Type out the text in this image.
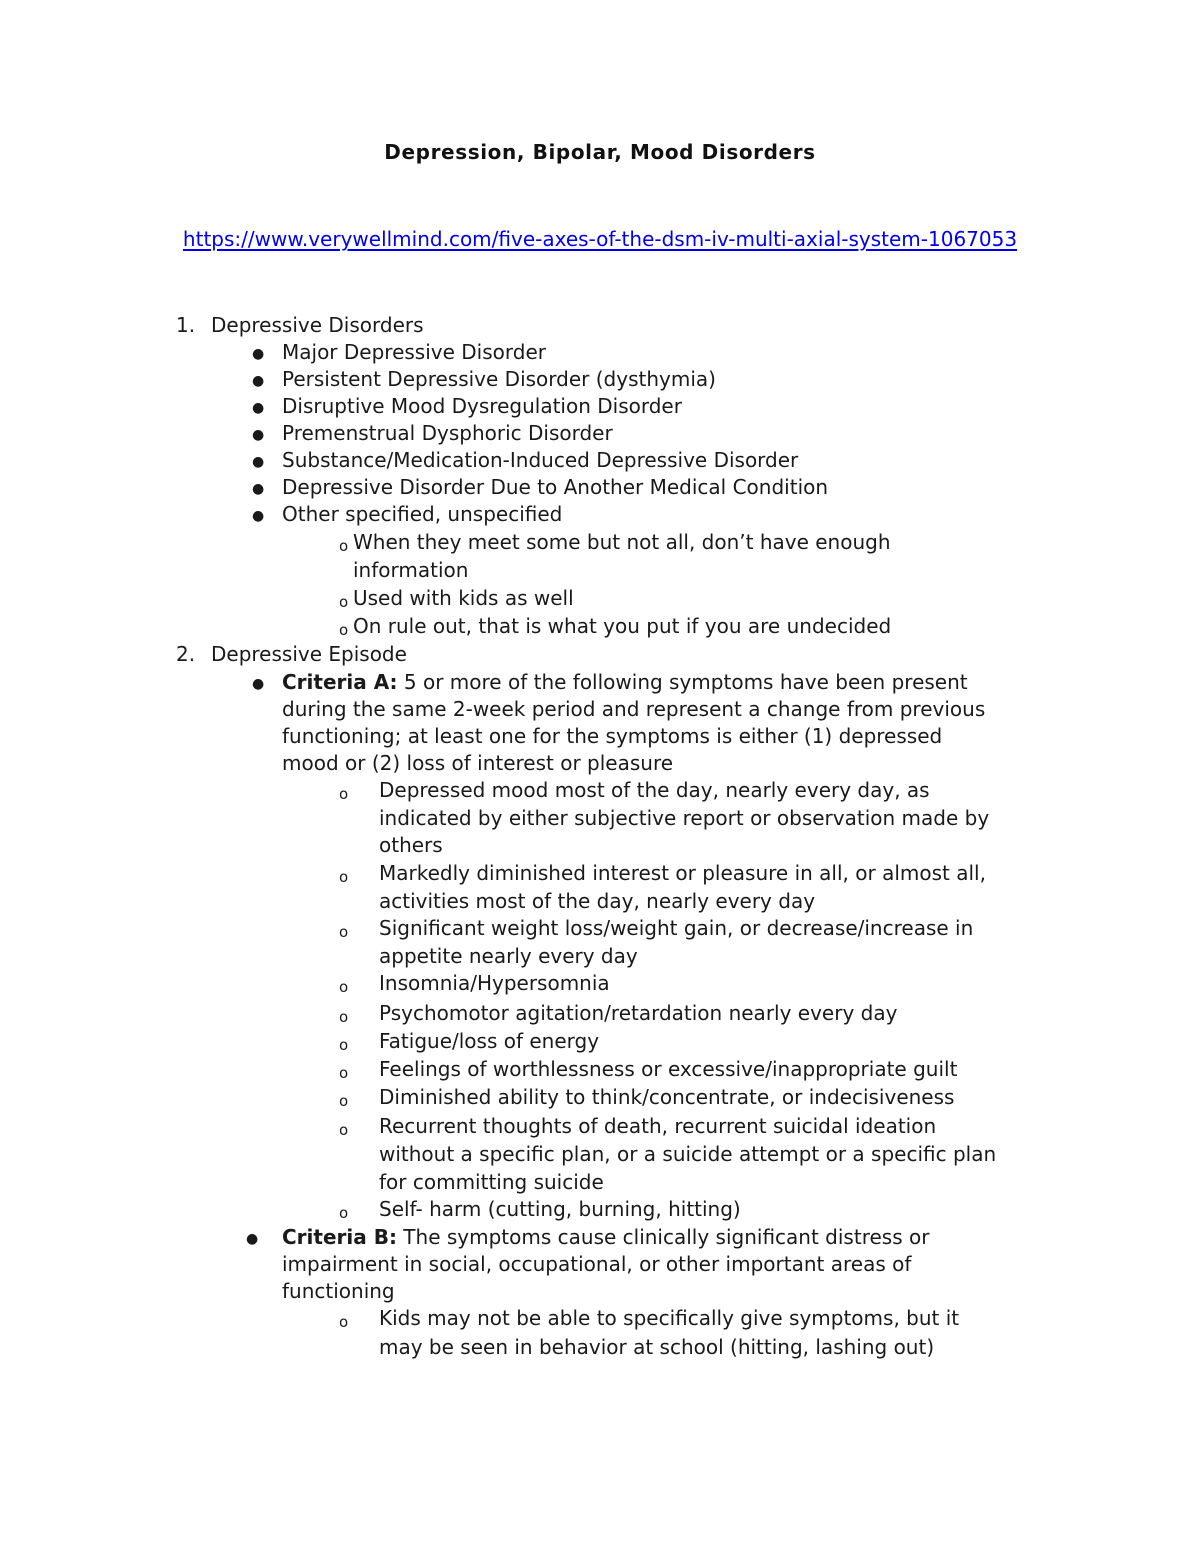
Depression, Bipolar, Mood Disorders
https://www.verywellmind.com/five-axes-of-the-dsm-iv-multi-axial-system-1067053
1. Depressive Disorders
● Major Depressive Disorder
● Persistent Depressive Disorder (dysthymia)
● Disruptive Mood Dysregulation Disorder
● Premenstrual Dysphoric Disorder
● Substance/Medication-Induced Depressive Disorder
● Depressive Disorder Due to Another Medical Condition
● Other specified, unspecified
o When they meet some but not all, don’t have enough
information
o Used with kids as well
o On rule out, that is what you put if you are undecided
2. Depressive Episode
● Criteria A: 5 or more of the following symptoms have been present
during the same 2-week period and represent a change from previous
functioning; at least one for the symptoms is either (1) depressed
mood or (2) loss of interest or pleasure
o Depressed mood most of the day, nearly every day, as
indicated by either subjective report or observation made by
others
o Markedly diminished interest or pleasure in all, or almost all,
activities most of the day, nearly every day
o Significant weight loss/weight gain, or decrease/increase in
appetite nearly every day
o Insomnia/Hypersomnia
o Psychomotor agitation/retardation nearly every day
o Fatigue/loss of energy
o Feelings of worthlessness or excessive/inappropriate guilt
o Diminished ability to think/concentrate, or indecisiveness
o Recurrent thoughts of death, recurrent suicidal ideation
without a specific plan, or a suicide attempt or a specific plan
for committing suicide
o Self- harm (cutting, burning, hitting)
● Criteria B: The symptoms cause clinically significant distress or
impairment in social, occupational, or other important areas of
functioning
o Kids may not be able to specifically give symptoms, but it
may be seen in behavior at school (hitting, lashing out)
